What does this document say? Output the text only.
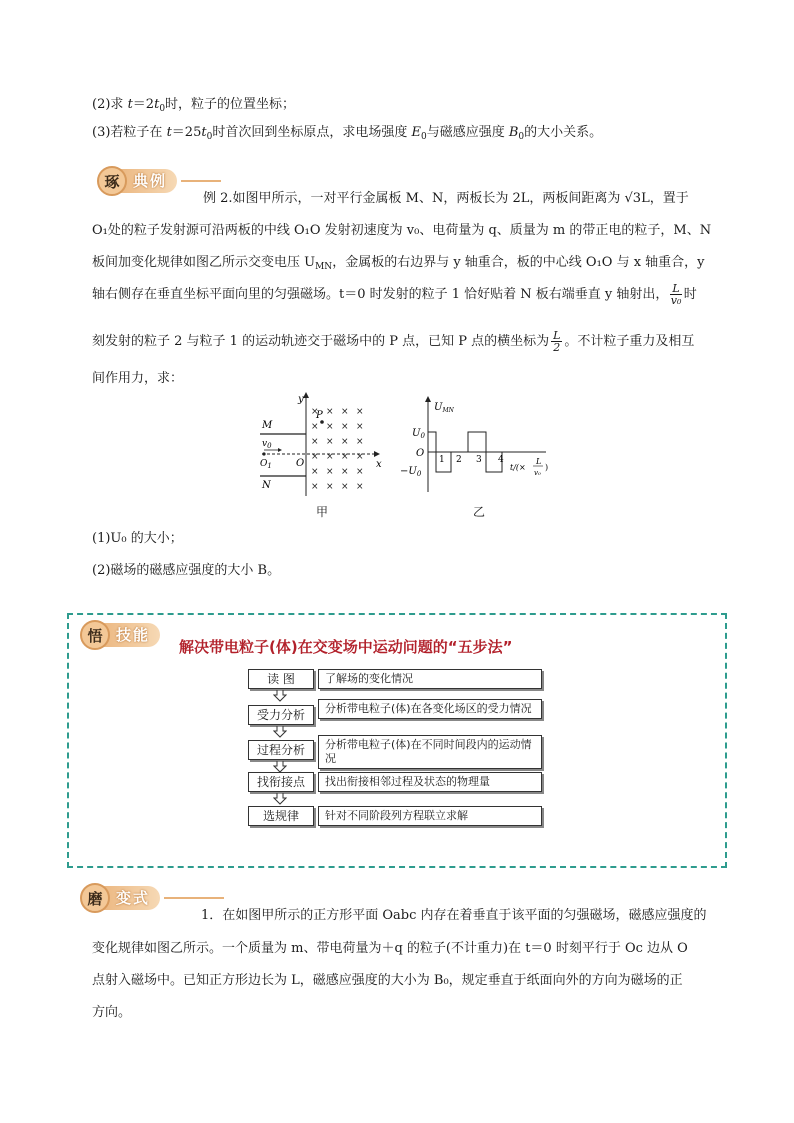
(2)求 $t=2t_0$时，粒子的位置坐标；
(3)若粒子在 $t=25t_0$时首次回到坐标原点，求电场强度 $E_0$与磁感应强度 $B_0$的大小关系。
琢 典例
例 2.如图甲所示，一对平行金属板 M、N，两板长为 2L，两板间距离为 √3L，置于
O₁处的粒子发射源可沿两板的中线 O₁O 发射初速度为 v₀、电荷量为 q、质量为 m 的带正电的粒子，M、N
板间加变化规律如图乙所示交变电压 $U_{MN}$，金属板的右边界与 y 轴重合，板的中心线 O₁O 与 x 轴重合，y
轴右侧存在垂直坐标平面向里的匀强磁场。t＝0 时发射的粒子 1 恰好贴着 N 板右端垂直 y 轴射出， $\frac{L}{\text{v₀}}$ 时
刻发射的粒子 2 与粒子 1 的运动轨迹交于磁场中的 P 点，已知 P 点的横坐标为 $\frac{L}{2}$ 。不计粒子重力及相互
间作用力，求：
y
x
M
N
$v_0$
$O_1$ O
P
× × × ×
× × × ×
× × × ×
× × × ×
× × × ×
× × × ×
甲
$U_{MN}$
$U_0$
O
$-U_0$
1 2 3 4
t/(×
L
v₀
)
乙
(1)U₀ 的大小；
(2)磁场的磁感应强度的大小 B。
悟 技能
解决带电粒子(体)在交变场中运动问题的“五步法”
读 图	了解场的变化情况
受力分析	分析带电粒子(体)在各变化场区的受力情况
过程分析	分析带电粒子(体)在不同时间段内的运动情况
找衔接点	找出衔接相邻过程及状态的物理量
选规律	针对不同阶段列方程联立求解
磨 变式
1．在如图甲所示的正方形平面 Oabc 内存在着垂直于该平面的匀强磁场，磁感应强度的
变化规律如图乙所示。一个质量为 m、带电荷量为＋q 的粒子(不计重力)在 t＝0 时刻平行于 Oc 边从 O
点射入磁场中。已知正方形边长为 L，磁感应强度的大小为 B₀，规定垂直于纸面向外的方向为磁场的正
方向。
